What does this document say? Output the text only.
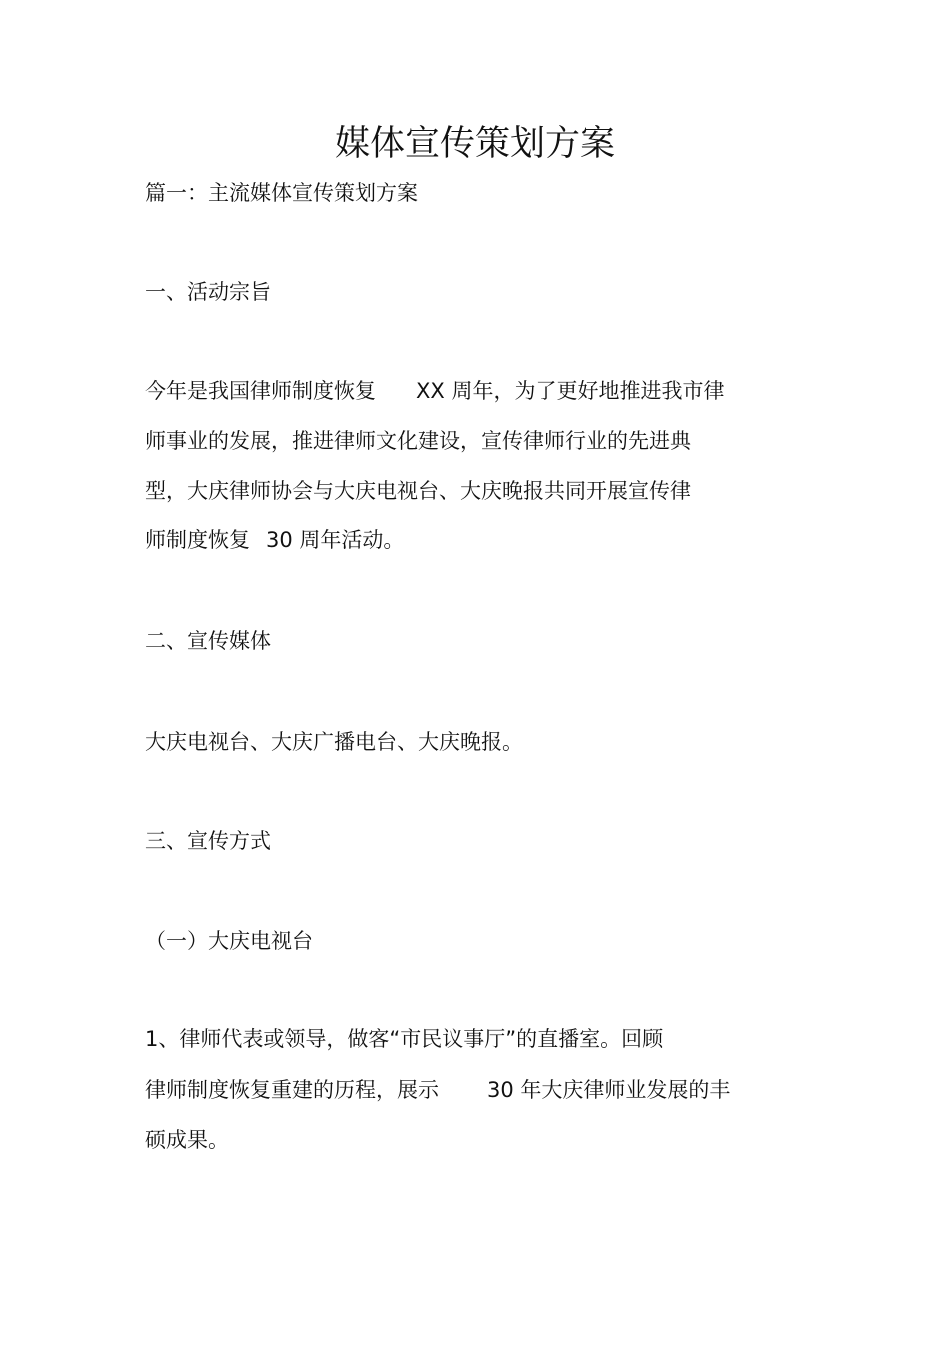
媒体宣传策划方案
篇一：主流媒体宣传策划方案
一、活动宗旨
今年是我国律师制度恢复 XX 周年，为了更好地推进我市律
师事业的发展，推进律师文化建设，宣传律师行业的先进典
型，大庆律师协会与大庆电视台、大庆晚报共同开展宣传律
师制度恢复 30 周年活动。
二、宣传媒体
大庆电视台、大庆广播电台、大庆晚报。
三、宣传方式
（一）大庆电视台
1、律师代表或领导，做客“市民议事厅”的直播室。回顾
律师制度恢复重建的历程，展示 30 年大庆律师业发展的丰
硕成果。
